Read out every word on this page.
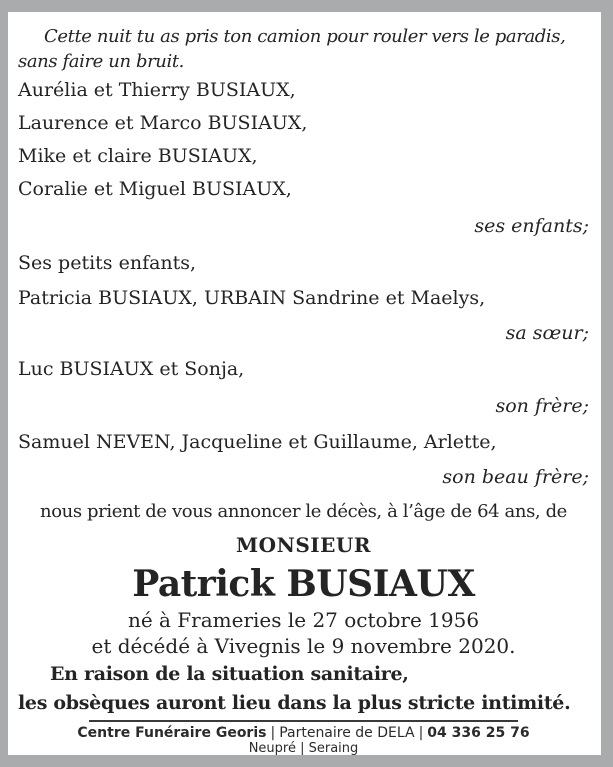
Cette nuit tu as pris ton camion pour rouler vers le paradis,
sans faire un bruit.
Aurélia et Thierry BUSIAUX,
Laurence et Marco BUSIAUX,
Mike et claire BUSIAUX,
Coralie et Miguel BUSIAUX,
ses enfants;
Ses petits enfants,
Patricia BUSIAUX, URBAIN Sandrine et Maelys,
sa sœur;
Luc BUSIAUX et Sonja,
son frère;
Samuel NEVEN, Jacqueline et Guillaume, Arlette,
son beau frère;
nous prient de vous annoncer le décès, à l’âge de 64 ans, de
MONSIEUR
Patrick BUSIAUX
né à Frameries le 27 octobre 1956
et décédé à Vivegnis le 9 novembre 2020.
En raison de la situation sanitaire,
les obsèques auront lieu dans la plus stricte intimité.
Centre Funéraire Georis | Partenaire de DELA | 04 336 25 76
Neupré | Seraing
